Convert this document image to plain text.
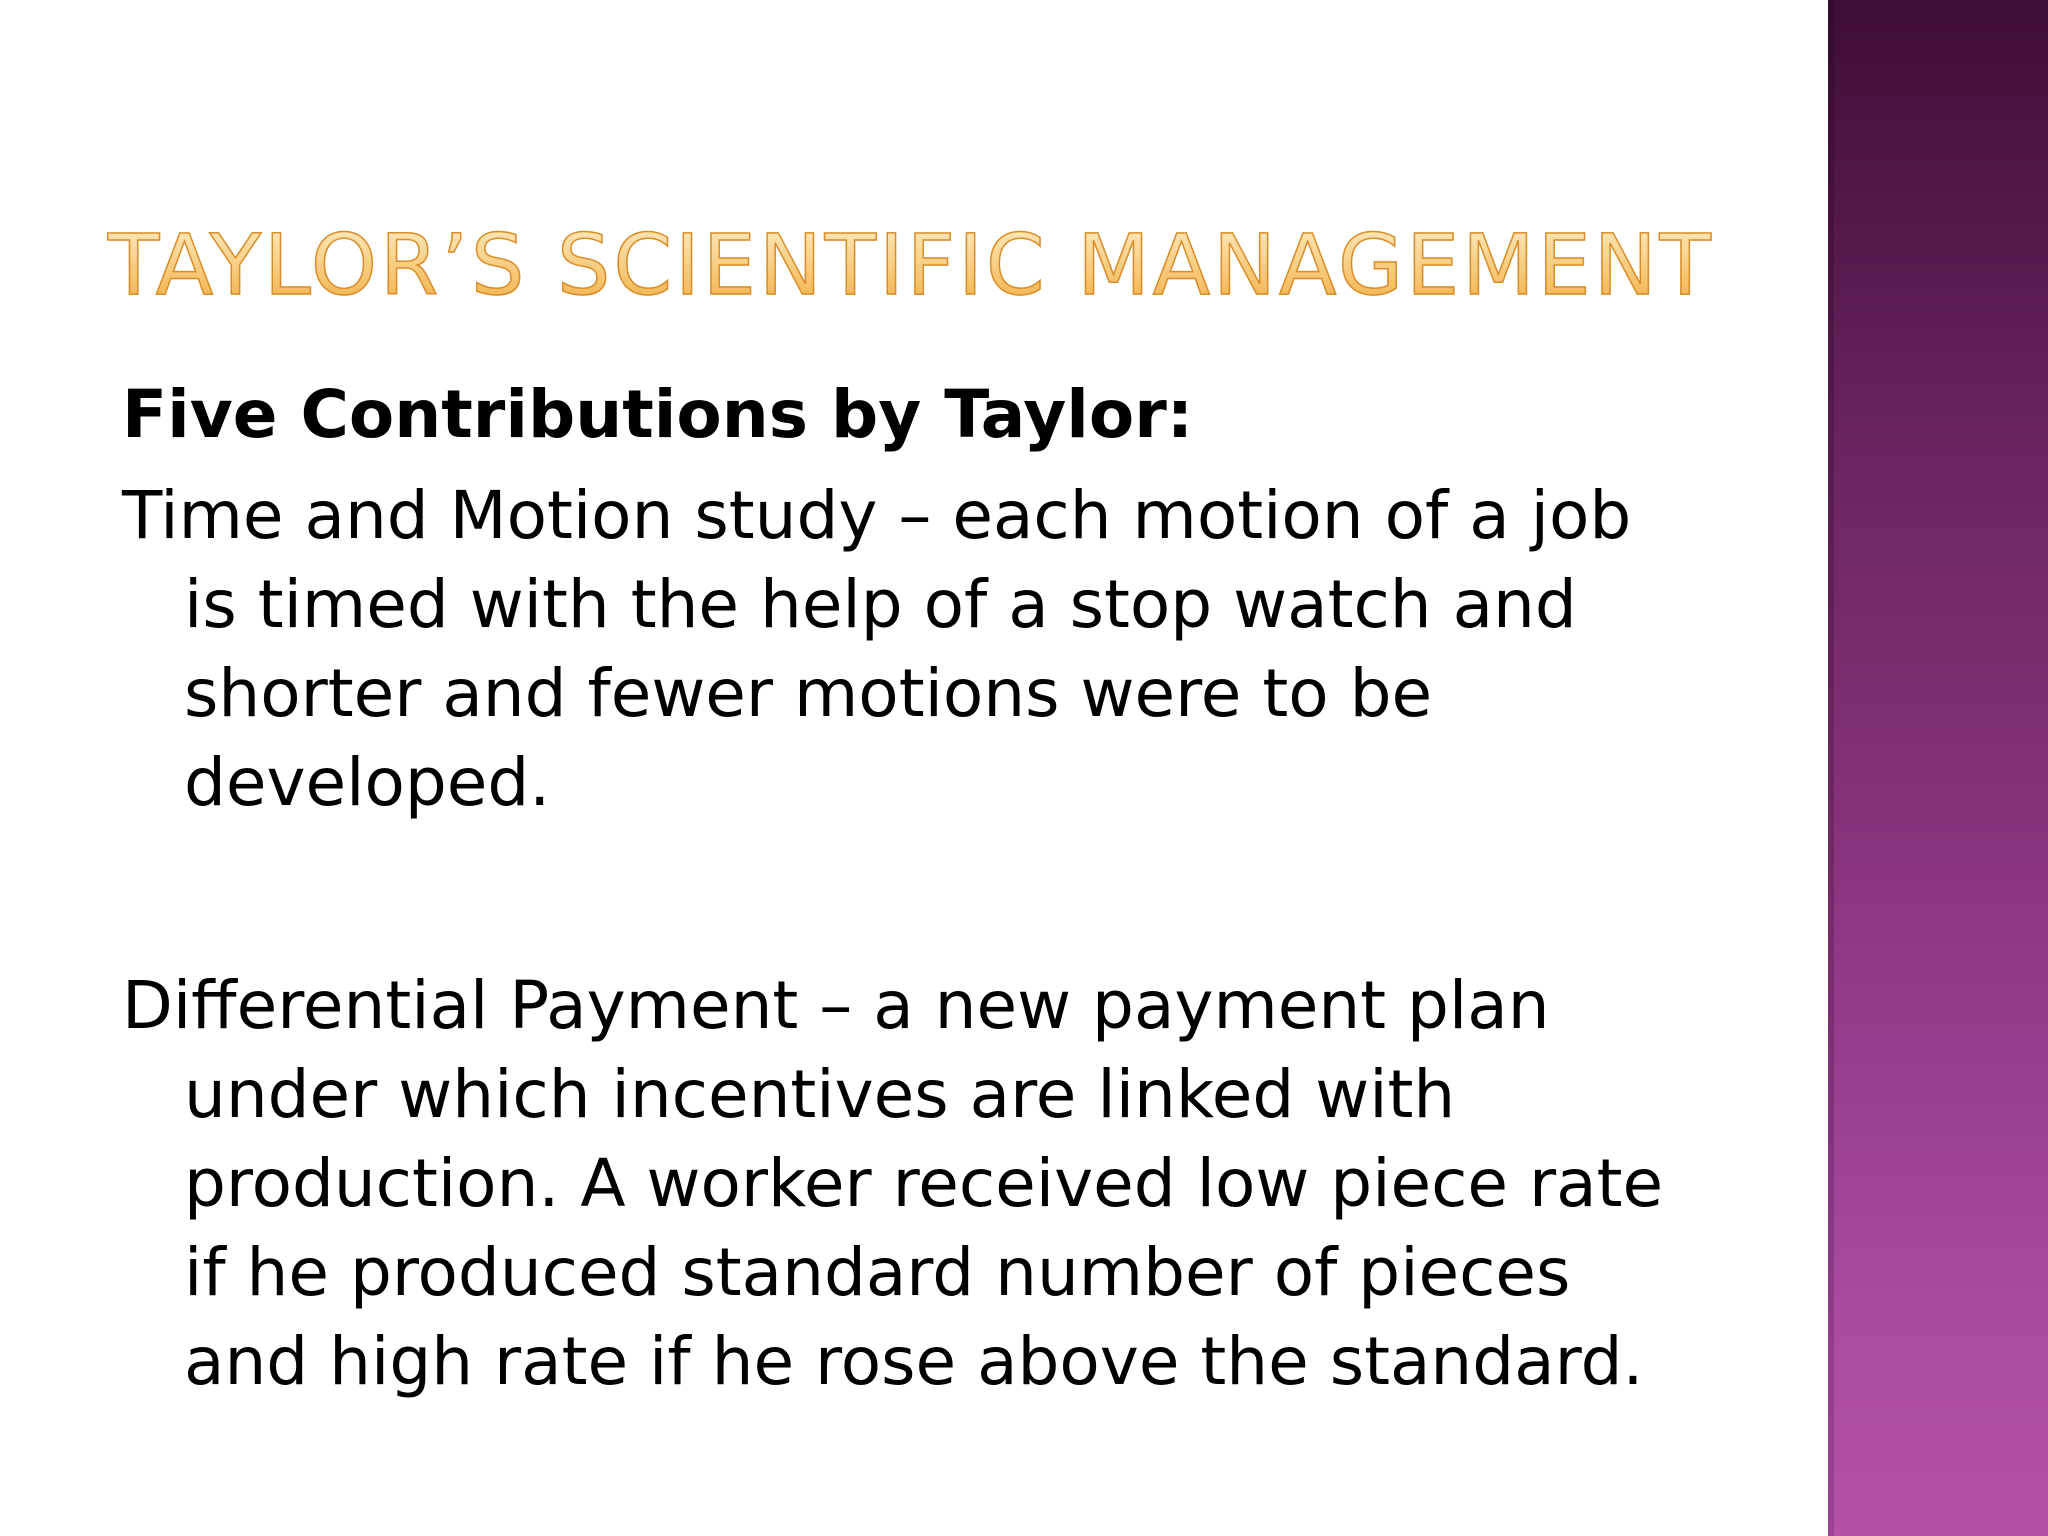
TAYLOR’S SCIENTIFIC MANAGEMENT

Five Contributions by Taylor:

Time and Motion study – each motion of a job is timed with the help of a stop watch and shorter and fewer motions were to be developed.

Differential Payment – a new payment plan under which incentives are linked with production. A worker received low piece rate if he produced standard number of pieces and high rate if he rose above the standard.
